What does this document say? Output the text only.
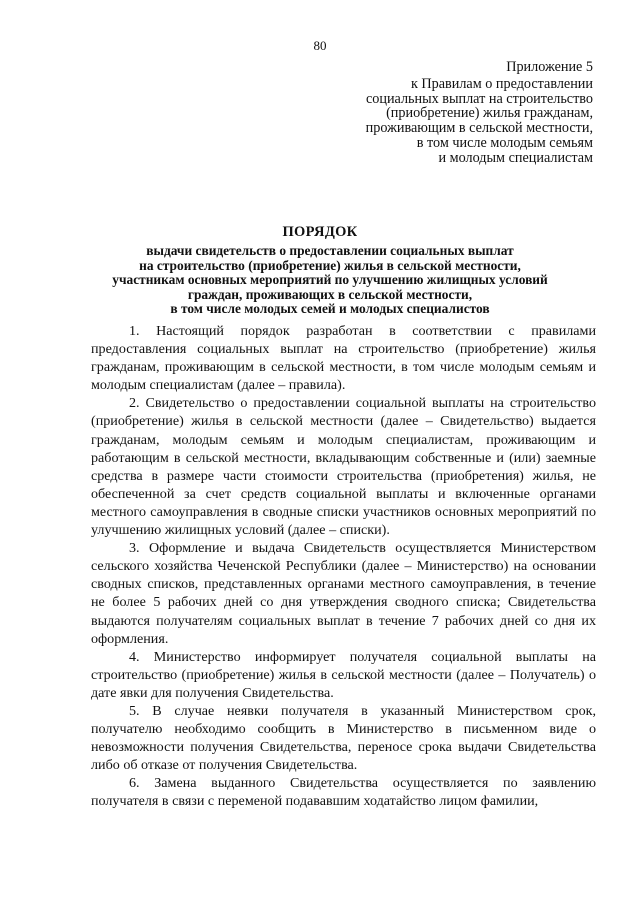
80
Приложение 5
к Правилам о предоставлении
социальных выплат на строительство
(приобретение) жилья гражданам,
проживающим в сельской местности,
в том числе молодым семьям
и молодым специалистам
ПОРЯДОК
выдачи свидетельств о предоставлении социальных выплат
на строительство (приобретение) жилья в сельской местности,
участникам основных мероприятий по улучшению жилищных условий
граждан, проживающих в сельской местности,
в том числе молодых семей и молодых специалистов

1. Настоящий порядок разработан в соответствии с правилами предоставления социальных выплат на строительство (приобретение) жилья гражданам, проживающим в сельской местности, в том числе молодым семьям и молодым специалистам (далее – правила).

2. Свидетельство о предоставлении социальной выплаты на строительство (приобретение) жилья в сельской местности (далее – Свидетельство) выдается гражданам, молодым семьям и молодым специалистам, проживающим и работающим в сельской местности, вкладывающим собственные и (или) заемные средства в размере части стоимости строительства (приобретения) жилья, не обеспеченной за счет средств социальной выплаты и включенные органами местного самоуправления в сводные списки участников основных мероприятий по улучшению жилищных условий (далее – списки).

3. Оформление и выдача Свидетельств осуществляется Министерством сельского хозяйства Чеченской Республики (далее – Министерство) на основании сводных списков, представленных органами местного самоуправления, в течение не более 5 рабочих дней со дня утверждения сводного списка; Свидетельства выдаются получателям социальных выплат в течение 7 рабочих дней со дня их оформления.

4. Министерство информирует получателя социальной выплаты на строительство (приобретение) жилья в сельской местности (далее – Получатель) о дате явки для получения Свидетельства.

5. В случае неявки получателя в указанный Министерством срок, получателю необходимо сообщить в Министерство в письменном виде о невозможности получения Свидетельства, переносе срока выдачи Свидетельства либо об отказе от получения Свидетельства.

6. Замена выданного Свидетельства осуществляется по заявлению получателя в связи с переменой подававшим ходатайство лицом фамилии,
